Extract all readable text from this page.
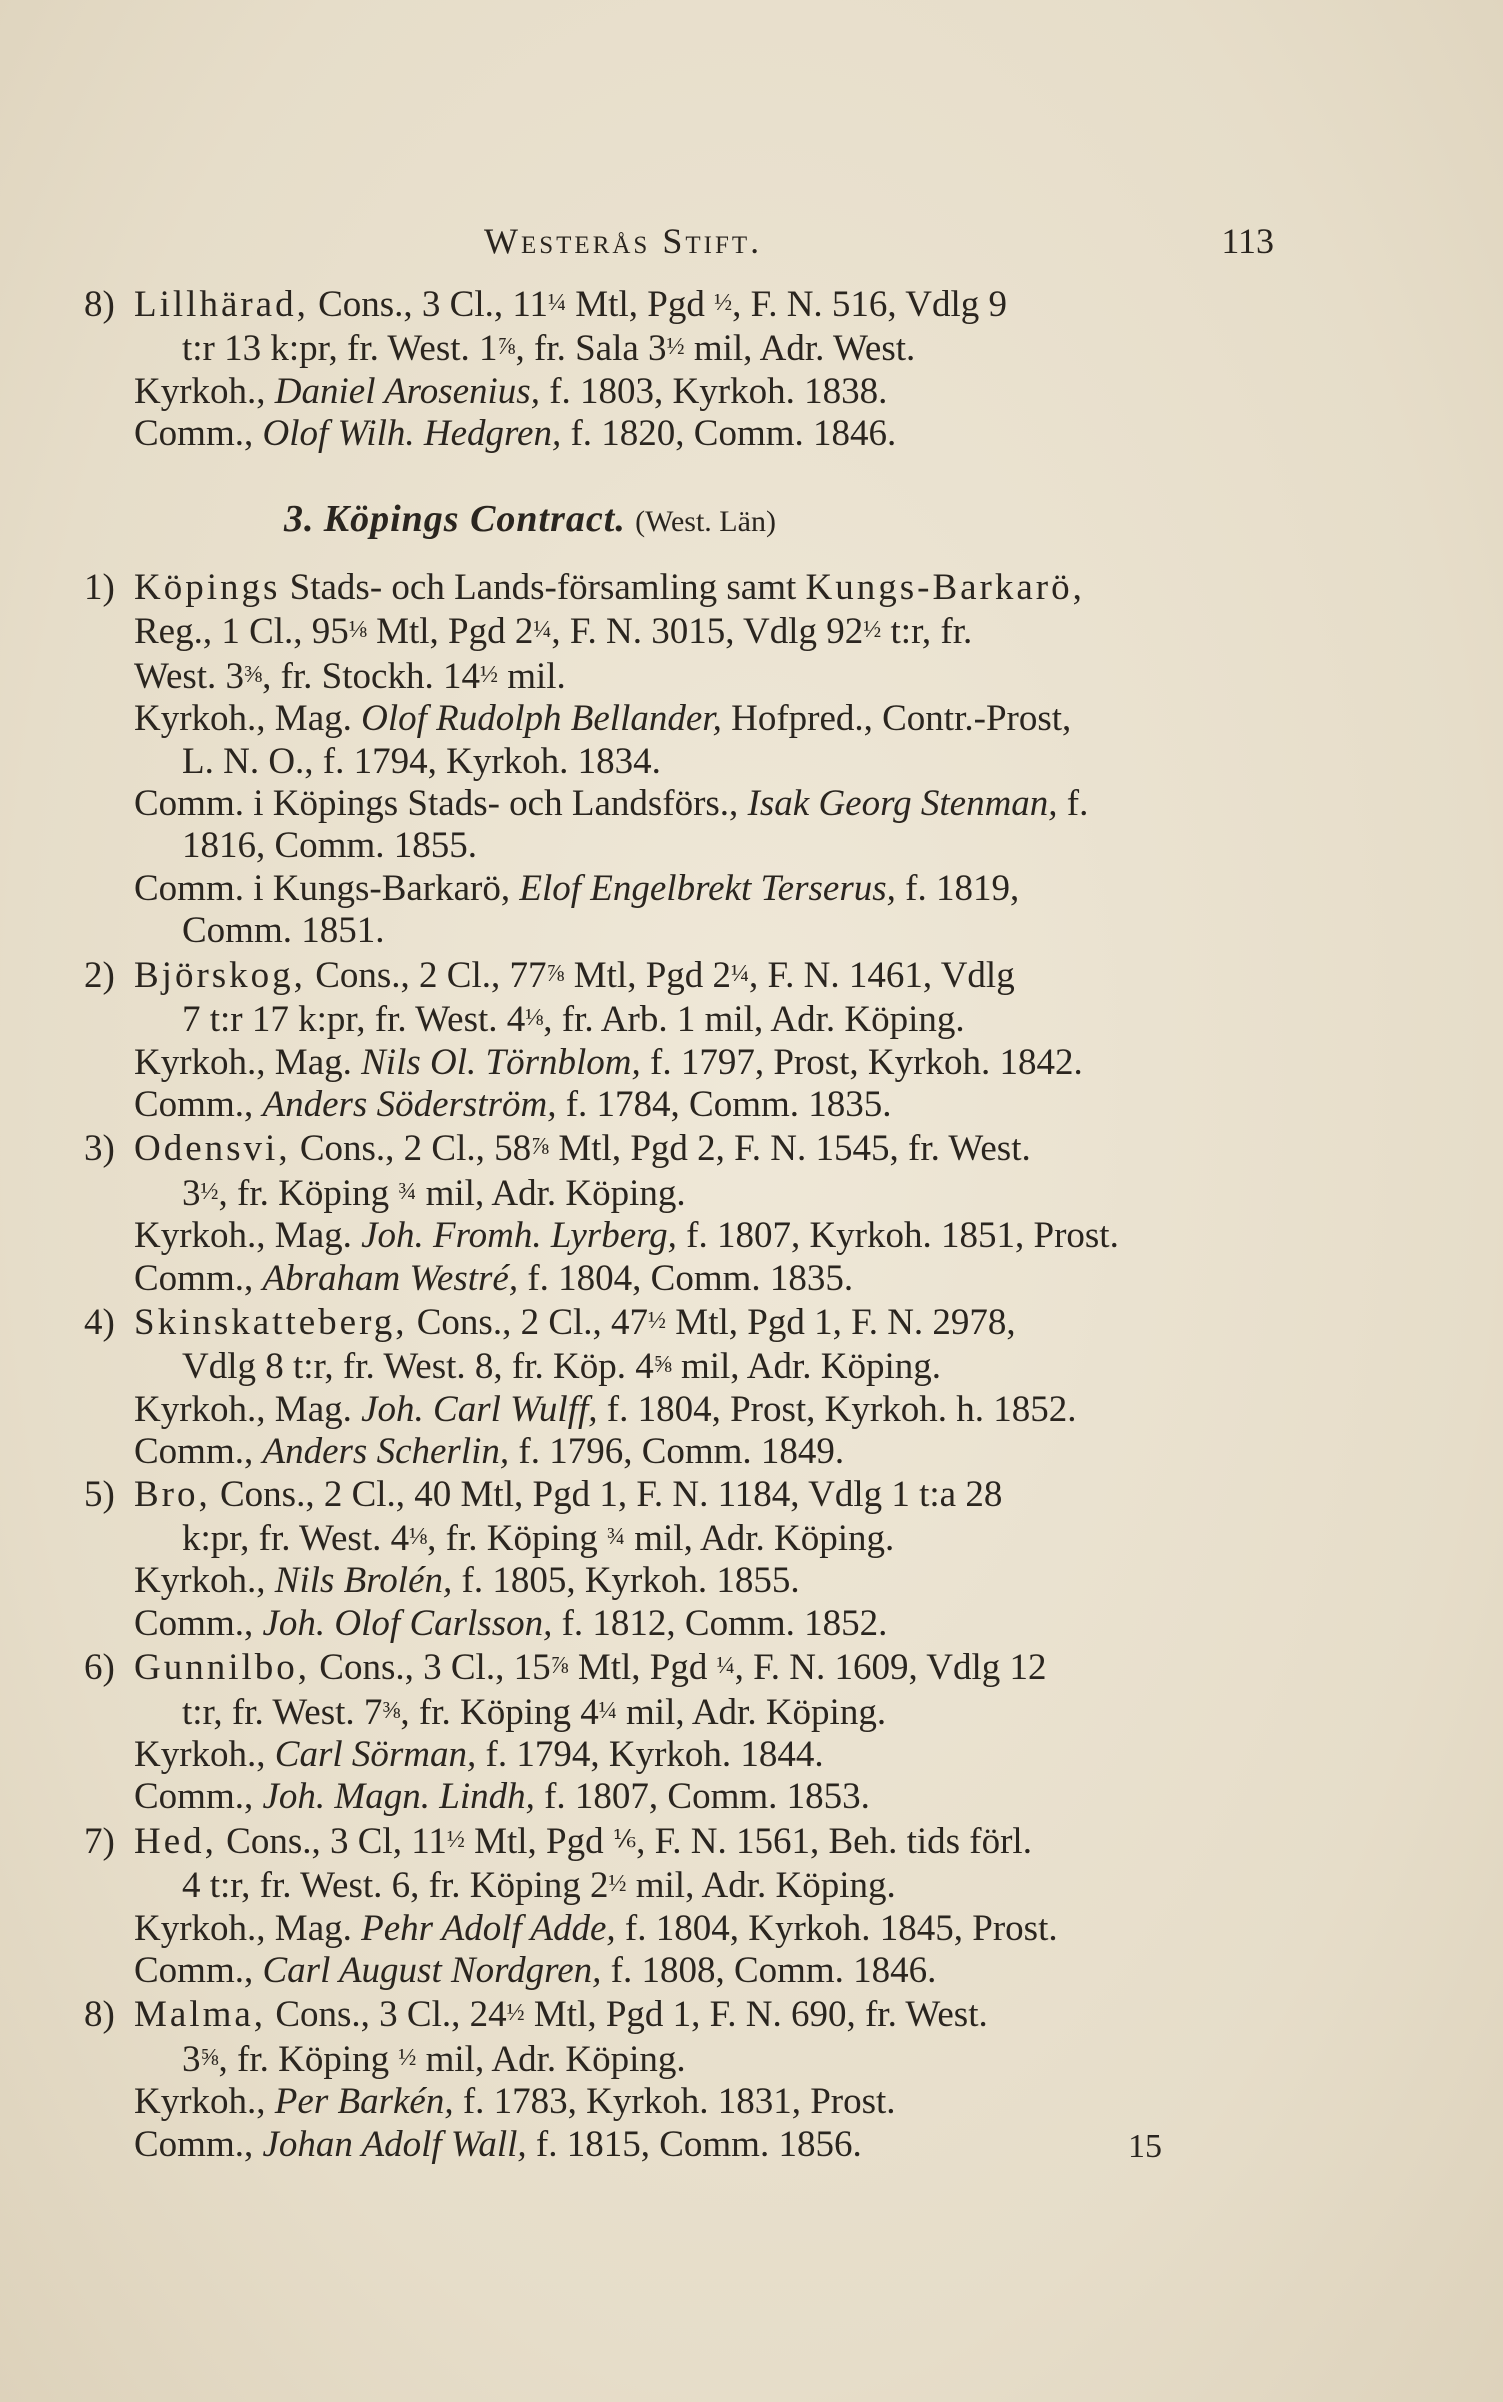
Westerås Stift.	113
8) Lillhärad, Cons., 3 Cl., 11¼ Mtl, Pgd ½, F. N. 516, Vdlg 9
t:r 13 k:pr, fr. West. 1⅞, fr. Sala 3½ mil, Adr. West.
Kyrkoh., Daniel Arosenius, f. 1803, Kyrkoh. 1838.
Comm., Olof Wilh. Hedgren, f. 1820, Comm. 1846.
3. Köpings Contract. (West. Län)
1) Köpings Stads- och Lands-församling samt Kungs-Barkarö,
Reg., 1 Cl., 95⅛ Mtl, Pgd 2¼, F. N. 3015, Vdlg 92½ t:r, fr.
West. 3⅜, fr. Stockh. 14½ mil.
Kyrkoh., Mag. Olof Rudolph Bellander, Hofpred., Contr.-Prost,
L. N. O., f. 1794, Kyrkoh. 1834.
Comm. i Köpings Stads- och Landsförs., Isak Georg Stenman, f.
1816, Comm. 1855.
Comm. i Kungs-Barkarö, Elof Engelbrekt Terserus, f. 1819,
Comm. 1851.
2) Björskog, Cons., 2 Cl., 77⅞ Mtl, Pgd 2¼, F. N. 1461, Vdlg
7 t:r 17 k:pr, fr. West. 4⅛, fr. Arb. 1 mil, Adr. Köping.
Kyrkoh., Mag. Nils Ol. Törnblom, f. 1797, Prost, Kyrkoh. 1842.
Comm., Anders Söderström, f. 1784, Comm. 1835.
3) Odensvi, Cons., 2 Cl., 58⅞ Mtl, Pgd 2, F. N. 1545, fr. West.
3½, fr. Köping ¾ mil, Adr. Köping.
Kyrkoh., Mag. Joh. Fromh. Lyrberg, f. 1807, Kyrkoh. 1851, Prost.
Comm., Abraham Westré, f. 1804, Comm. 1835.
4) Skinskatteberg, Cons., 2 Cl., 47½ Mtl, Pgd 1, F. N. 2978,
Vdlg 8 t:r, fr. West. 8, fr. Köp. 4⅝ mil, Adr. Köping.
Kyrkoh., Mag. Joh. Carl Wulff, f. 1804, Prost, Kyrkoh. h. 1852.
Comm., Anders Scherlin, f. 1796, Comm. 1849.
5) Bro, Cons., 2 Cl., 40 Mtl, Pgd 1, F. N. 1184, Vdlg 1 t:a 28
k:pr, fr. West. 4⅛, fr. Köping ¾ mil, Adr. Köping.
Kyrkoh., Nils Brolén, f. 1805, Kyrkoh. 1855.
Comm., Joh. Olof Carlsson, f. 1812, Comm. 1852.
6) Gunnilbo, Cons., 3 Cl., 15⅞ Mtl, Pgd ¼, F. N. 1609, Vdlg 12
t:r, fr. West. 7⅜, fr. Köping 4¼ mil, Adr. Köping.
Kyrkoh., Carl Sörman, f. 1794, Kyrkoh. 1844.
Comm., Joh. Magn. Lindh, f. 1807, Comm. 1853.
7) Hed, Cons., 3 Cl, 11½ Mtl, Pgd ⅙, F. N. 1561, Beh. tids förl.
4 t:r, fr. West. 6, fr. Köping 2½ mil, Adr. Köping.
Kyrkoh., Mag. Pehr Adolf Adde, f. 1804, Kyrkoh. 1845, Prost.
Comm., Carl August Nordgren, f. 1808, Comm. 1846.
8) Malma, Cons., 3 Cl., 24½ Mtl, Pgd 1, F. N. 690, fr. West.
3⅝, fr. Köping ½ mil, Adr. Köping.
Kyrkoh., Per Barkén, f. 1783, Kyrkoh. 1831, Prost.
Comm., Johan Adolf Wall, f. 1815, Comm. 1856.	15
